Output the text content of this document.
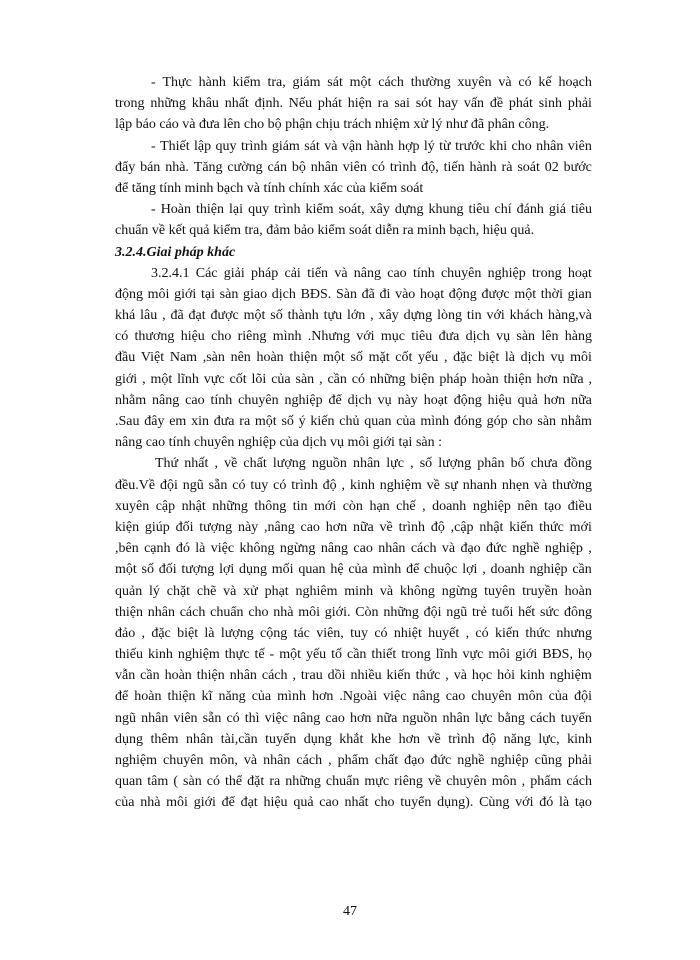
- Thực hành kiểm tra, giám sát một cách thường xuyên và có kế hoạch
trong những khâu nhất định. Nếu phát hiện ra sai sót hay vấn đề phát sinh phải
lập báo cáo và đưa lên cho bộ phận chịu trách nhiệm xử lý như đã phân công.
- Thiết lập quy trình giám sát và vận hành hợp lý từ trước khi cho nhân viên
đẩy bán nhà. Tăng cường cán bộ nhân viên có trình độ, tiến hành rà soát 02 bước
để tăng tính minh bạch và tính chính xác của kiểm soát
- Hoàn thiện lại quy trình kiểm soát, xây dựng khung tiêu chí đánh giá tiêu
chuẩn về kết quả kiểm tra, đảm bảo kiểm soát diễn ra minh bạch, hiệu quả.
3.2.4.Giai pháp khác
3.2.4.1 Các giải pháp cải tiến và nâng cao tính chuyên nghiệp trong hoạt
động môi giới tại sàn giao dịch BĐS. Sàn đã đi vào hoạt động được một thời gian
khá lâu , đã đạt được một số thành tựu lớn , xây dựng lòng tin với khách hàng,và
có thương hiệu cho riêng mình .Nhưng với mục tiêu đưa dịch vụ sàn lên hàng
đầu Việt Nam ,sàn nên hoàn thiện một số mặt cốt yếu , đặc biệt là dịch vụ môi
giới , một lĩnh vực cốt lõi của sàn , cần có những biện pháp hoàn thiện hơn nữa ,
nhằm nâng cao tính chuyên nghiệp để dịch vụ này hoạt động hiệu quả hơn nữa
.Sau đây em xin đưa ra một số ý kiến chủ quan của mình đóng góp cho sàn nhằm
nâng cao tính chuyên nghiệp của dịch vụ môi giới tại sàn :
Thứ nhất , về chất lượng nguồn nhân lực , số lượng phân bố chưa đồng
đều.Về đội ngũ sẵn có tuy có trình độ , kinh nghiệm về sự nhanh nhẹn và thường
xuyên cập nhật những thông tin mới còn hạn chế , doanh nghiệp nên tạo điều
kiện giúp đối tượng này ,nâng cao hơn nữa về trình độ ,cập nhật kiến thức mới
,bên cạnh đó là việc không ngừng nâng cao nhân cách và đạo đức nghề nghiệp ,
một số đối tượng lợi dụng mối quan hệ của mình để chuộc lợi , doanh nghiệp cần
quản lý chặt chẽ và xử phạt nghiêm minh và không ngừng tuyên truyền hoàn
thiện nhân cách chuẩn cho nhà môi giới. Còn những đội ngũ trẻ tuổi hết sức đông
đảo , đặc biệt là lượng cộng tác viên, tuy có nhiệt huyết , có kiến thức nhưng
thiếu kinh nghiệm thực tế - một yếu tố cần thiết trong lĩnh vực môi giới BĐS, họ
vẫn cần hoàn thiện nhân cách , trau dồi nhiều kiến thức , và học hỏi kinh nghiệm
để hoàn thiện kĩ năng của mình hơn .Ngoài việc nâng cao chuyên môn của đội
ngũ nhân viên sẵn có thì việc nâng cao hơn nữa nguồn nhân lực bằng cách tuyển
dụng thêm nhân tài,cần tuyển dụng khắt khe hơn về trình độ năng lực, kinh
nghiệm chuyên môn, và nhân cách , phẩm chất đạo đức nghề nghiệp cũng phải
quan tâm ( sàn có thể đặt ra những chuẩn mực riêng về chuyên môn , phẩm cách
của nhà môi giới để đạt hiệu quả cao nhất cho tuyển dụng). Cùng với đó là tạo
47
